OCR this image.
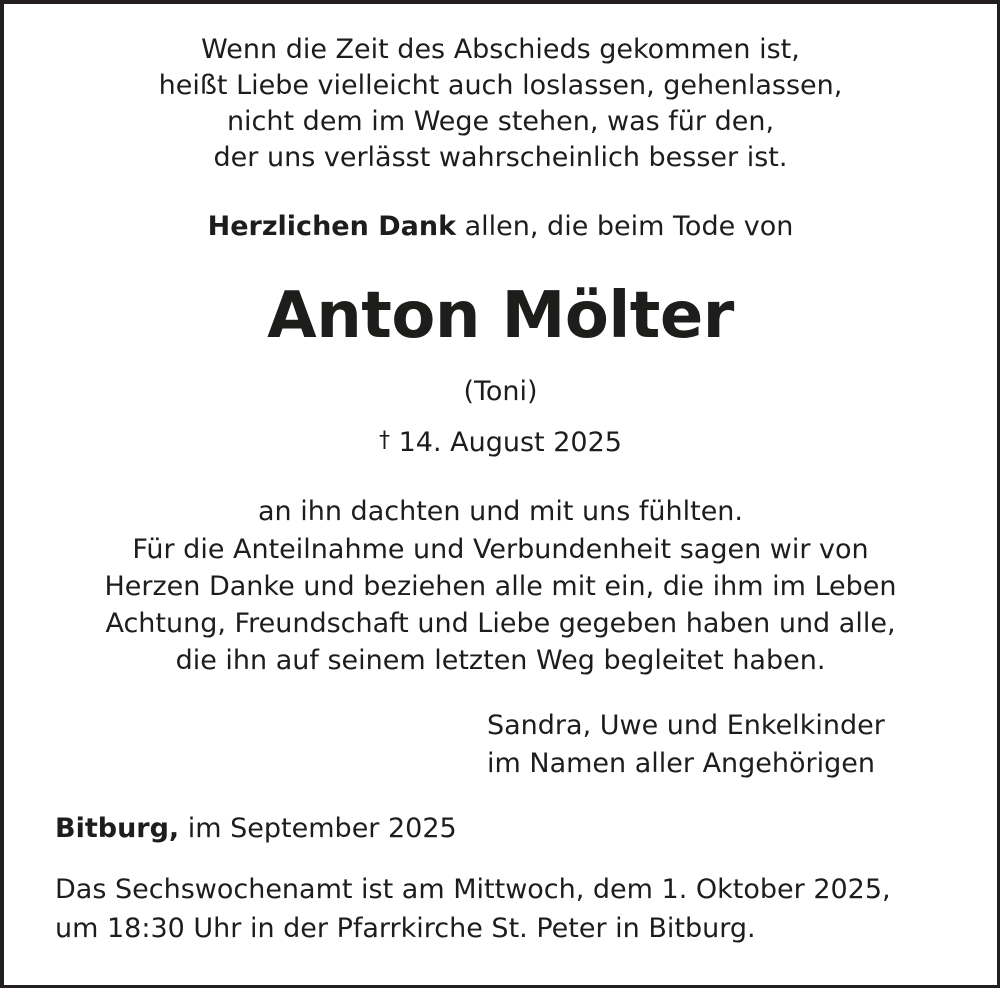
Wenn die Zeit des Abschieds gekommen ist,
heißt Liebe vielleicht auch loslassen, gehenlassen,
nicht dem im Wege stehen, was für den,
der uns verlässt wahrscheinlich besser ist.
Herzlichen Dank allen, die beim Tode von
Anton Mölter
(Toni)
† 14. August 2025
an ihn dachten und mit uns fühlten.
Für die Anteilnahme und Verbundenheit sagen wir von
Herzen Danke und beziehen alle mit ein, die ihm im Leben
Achtung, Freundschaft und Liebe gegeben haben und alle,
die ihn auf seinem letzten Weg begleitet haben.
Sandra, Uwe und Enkelkinder
im Namen aller Angehörigen
Bitburg, im September 2025
Das Sechswochenamt ist am Mittwoch, dem 1. Oktober 2025,
um 18:30 Uhr in der Pfarrkirche St. Peter in Bitburg.
